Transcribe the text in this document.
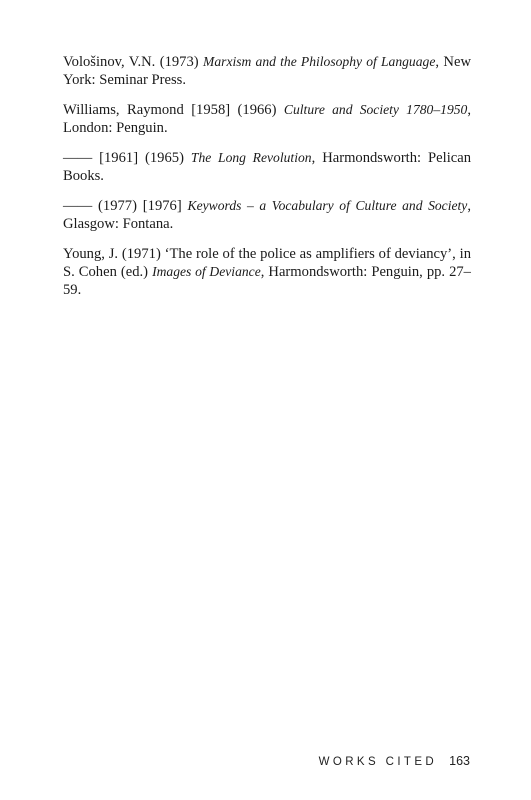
Vološinov, V.N. (1973) Marxism and the Philosophy of Language, New York: Seminar Press.

Williams, Raymond [1958] (1966) Culture and Society 1780–1950, London: Penguin.

—— [1961] (1965) The Long Revolution, Harmondsworth: Pelican Books.

—— (1977) [1976] Keywords – a Vocabulary of Culture and Society, Glasgow: Fontana.

Young, J. (1971) ‘The role of the police as amplifiers of deviancy’, in S. Cohen (ed.) Images of Deviance, Harmondsworth: Penguin, pp. 27–59.

WORKS CITED 163
